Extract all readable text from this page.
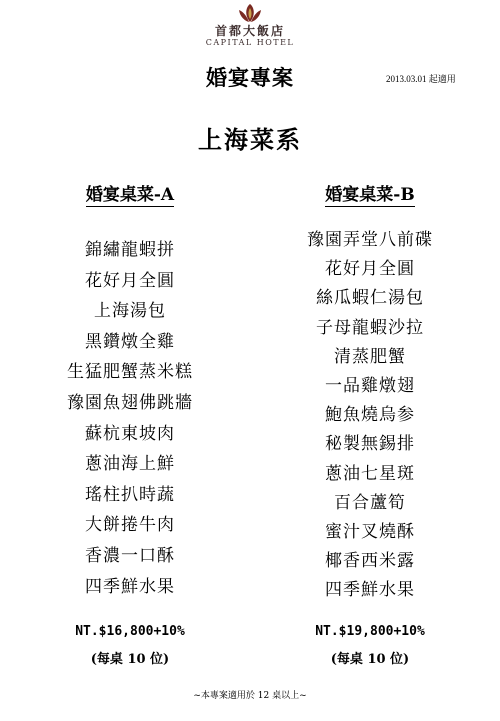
首都大飯店
CAPITAL HOTEL
婚宴專案	2013.03.01 起適用
上海菜系
婚宴桌菜-A	婚宴桌菜-B
錦繡龍蝦拼
花好月全圓
上海湯包
黑鑽燉全雞
生猛肥蟹蒸米糕
豫園魚翅佛跳牆
蘇杭東坡肉
蔥油海上鮮
瑤柱扒時蔬
大餅捲牛肉
香濃一口酥
四季鮮水果
豫園弄堂八前碟
花好月全圓
絲瓜蝦仁湯包
子母龍蝦沙拉
清蒸肥蟹
一品雞燉翅
鮑魚燒烏参
秘製無錫排
蔥油七星斑
百合蘆筍
蜜汁叉燒酥
椰香西米露
四季鮮水果
NT.$16,800+10%	NT.$19,800+10%
(每桌 10 位)	(每桌 10 位)
~本專案適用於 12 桌以上~
